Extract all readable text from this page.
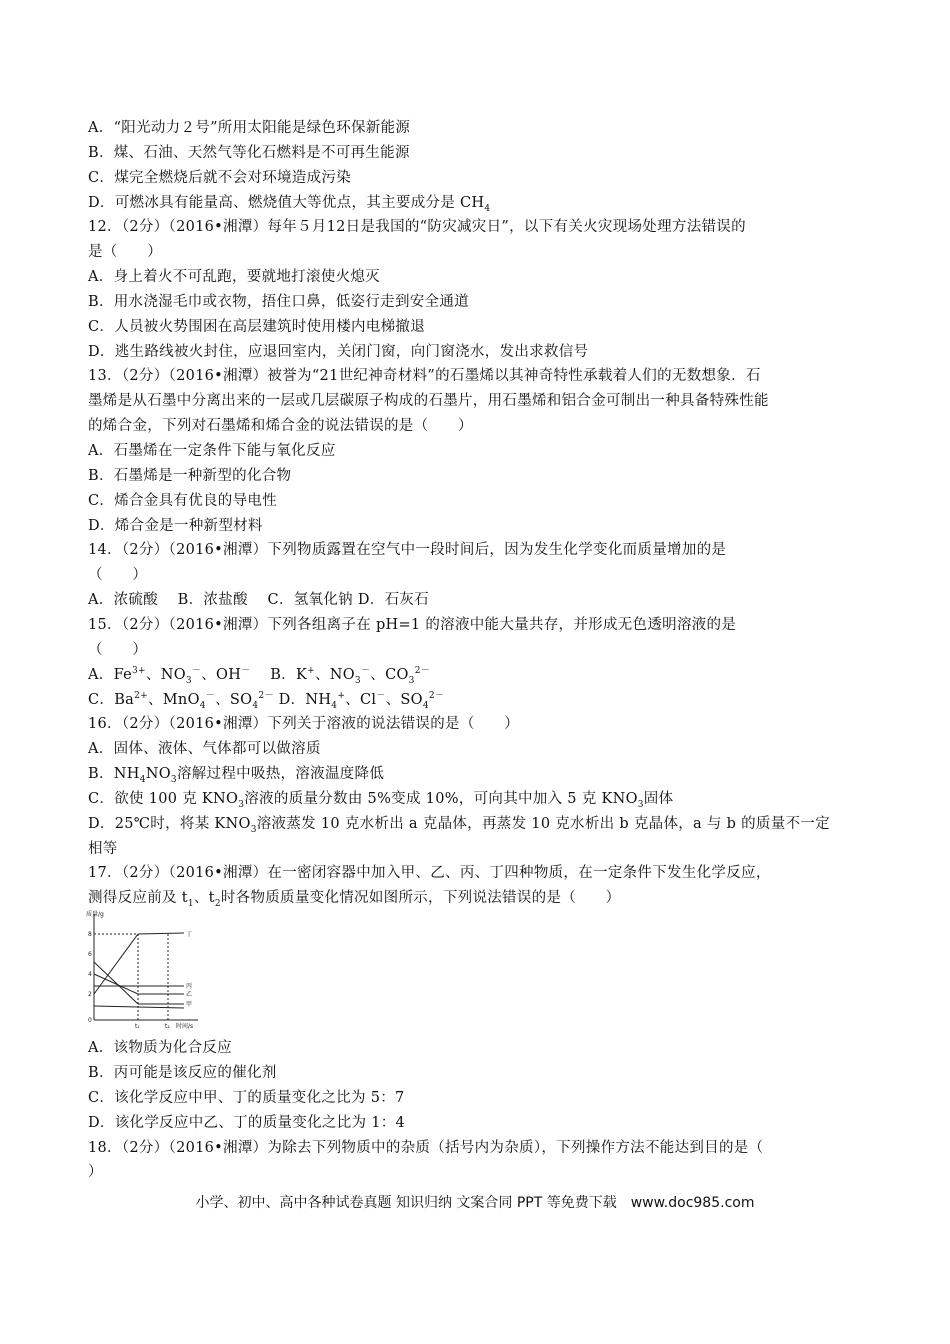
A．“阳光动力２号”所用太阳能是绿色环保新能源
B．煤、石油、天然气等化石燃料是不可再生能源
C．煤完全燃烧后就不会对环境造成污染
D．可燃冰具有能量高、燃烧值大等优点，其主要成分是 $CH_4$
12．（2分）（2016•湘潭）每年５月12日是我国的“防灾减灾日”，以下有关火灾现场处理方法错误的
是（　　）
A．身上着火不可乱跑，要就地打滚使火熄灭
B．用水浇湿毛巾或衣物，捂住口鼻，低姿行走到安全通道
C．人员被火势围困在高层建筑时使用楼内电梯撤退
D．逃生路线被火封住，应退回室内，关闭门窗，向门窗浇水，发出求救信号
13．（2分）（2016•湘潭）被誉为“21世纪神奇材料”的石墨烯以其神奇特性承载着人们的无数想象．石
墨烯是从石墨中分离出来的一层或几层碳原子构成的石墨片，用石墨烯和铝合金可制出一种具备特殊性能
的烯合金，下列对石墨烯和烯合金的说法错误的是（　　）
A．石墨烯在一定条件下能与氧化反应
B．石墨烯是一种新型的化合物
C．烯合金具有优良的导电性
D．烯合金是一种新型材料
14．（2分）（2016•湘潭）下列物质露置在空气中一段时间后，因为发生化学变化而质量增加的是
（　　）
A．浓硫酸　 B．浓盐酸　 C．氢氧化钠 D．石灰石
15．（2分）（2016•湘潭）下列各组离子在 pH=1 的溶液中能大量共存，并形成无色透明溶液的是
（　　）
A．$Fe^{3+}$、$NO_3^-$、OH－　 B．K+、$NO_3^-$、$CO_3^{2-}$
C．$Ba^{2+}$、MnO$_4$－、$SO_4^{2-}$ D．$NH_4^+$、Cl－、$SO_4^{2-}$
16．（2分）（2016•湘潭）下列关于溶液的说法错误的是（　　）
A．固体、液体、气体都可以做溶质
B．$NH_4NO_3$溶解过程中吸热，溶液温度降低
C．欲使 100 克 $KNO_3$溶液的质量分数由 5%变成 10%，可向其中加入 5 克 $KNO_3$固体
D．25℃时，将某 $KNO_3$溶液蒸发 10 克水析出 a 克晶体，再蒸发 10 克水析出 b 克晶体，a 与 b 的质量不一定
相等
17．（2分）（2016•湘潭）在一密闭容器中加入甲、乙、丙、丁四种物质，在一定条件下发生化学反应，
测得反应前及 $t_1$、$t_2$时各物质质量变化情况如图所示，下列说法错误的是（　　）
质量/g
8
6
4
2
0
丁
丙
乙
甲
t₁	t₂ 时间/s
A．该物质为化合反应
B．丙可能是该反应的催化剂
C．该化学反应中甲、丁的质量变化之比为 5：7
D．该化学反应中乙、丁的质量变化之比为 1：4
18．（2分）（2016•湘潭）为除去下列物质中的杂质（括号内为杂质），下列操作方法不能达到目的是（
）
小学、初中、高中各种试卷真题 知识归纳 文案合同 PPT 等免费下载　www.doc985.com
